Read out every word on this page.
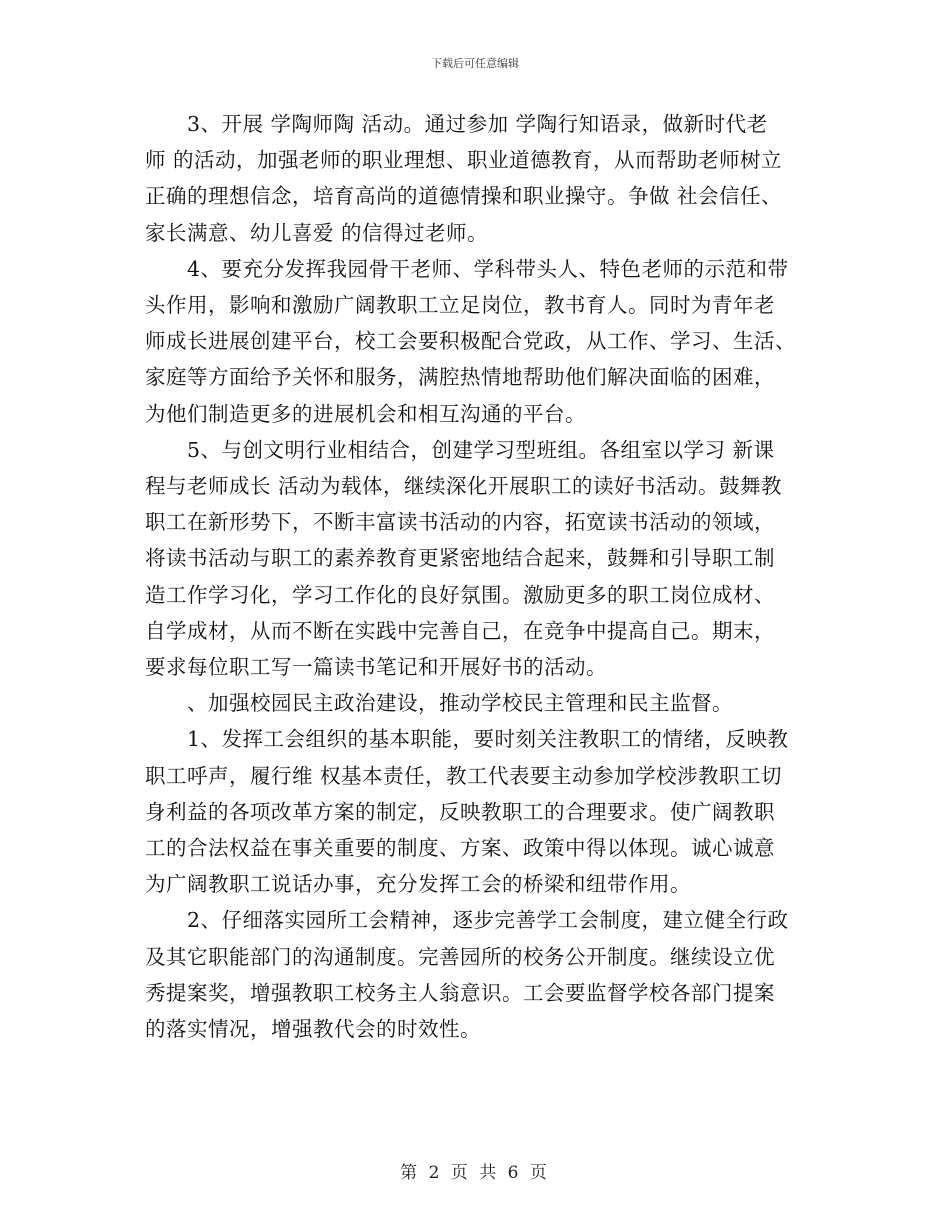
下载后可任意编辑

　　3、开展 学陶师陶 活动。通过参加 学陶行知语录，做新时代老

师 的活动，加强老师的职业理想、职业道德教育，从而帮助老师树立

正确的理想信念，培育高尚的道德情操和职业操守。争做 社会信任、

家长满意、幼儿喜爱 的信得过老师。

　　4、要充分发挥我园骨干老师、学科带头人、特色老师的示范和带

头作用，影响和激励广阔教职工立足岗位，教书育人。同时为青年老

师成长进展创建平台，校工会要积极配合党政，从工作、学习、生活、

家庭等方面给予关怀和服务，满腔热情地帮助他们解决面临的困难，

为他们制造更多的进展机会和相互沟通的平台。

　　5、与创文明行业相结合，创建学习型班组。各组室以学习 新课

程与老师成长 活动为载体，继续深化开展职工的读好书活动。鼓舞教

职工在新形势下，不断丰富读书活动的内容，拓宽读书活动的领域，

将读书活动与职工的素养教育更紧密地结合起来，鼓舞和引导职工制

造工作学习化，学习工作化的良好氛围。激励更多的职工岗位成材、

自学成材，从而不断在实践中完善自己，在竞争中提高自己。期末，

要求每位职工写一篇读书笔记和开展好书的活动。

　　、加强校园民主政治建设，推动学校民主管理和民主监督。

　　1、发挥工会组织的基本职能，要时刻关注教职工的情绪，反映教

职工呼声，履行维 权基本责任，教工代表要主动参加学校涉教职工切

身利益的各项改革方案的制定，反映教职工的合理要求。使广阔教职

工的合法权益在事关重要的制度、方案、政策中得以体现。诚心诚意

为广阔教职工说话办事，充分发挥工会的桥梁和纽带作用。

　　2、仔细落实园所工会精神，逐步完善学工会制度，建立健全行政

及其它职能部门的沟通制度。完善园所的校务公开制度。继续设立优

秀提案奖，增强教职工校务主人翁意识。工会要监督学校各部门提案

的落实情况，增强教代会的时效性。

第 2 页 共 6 页
